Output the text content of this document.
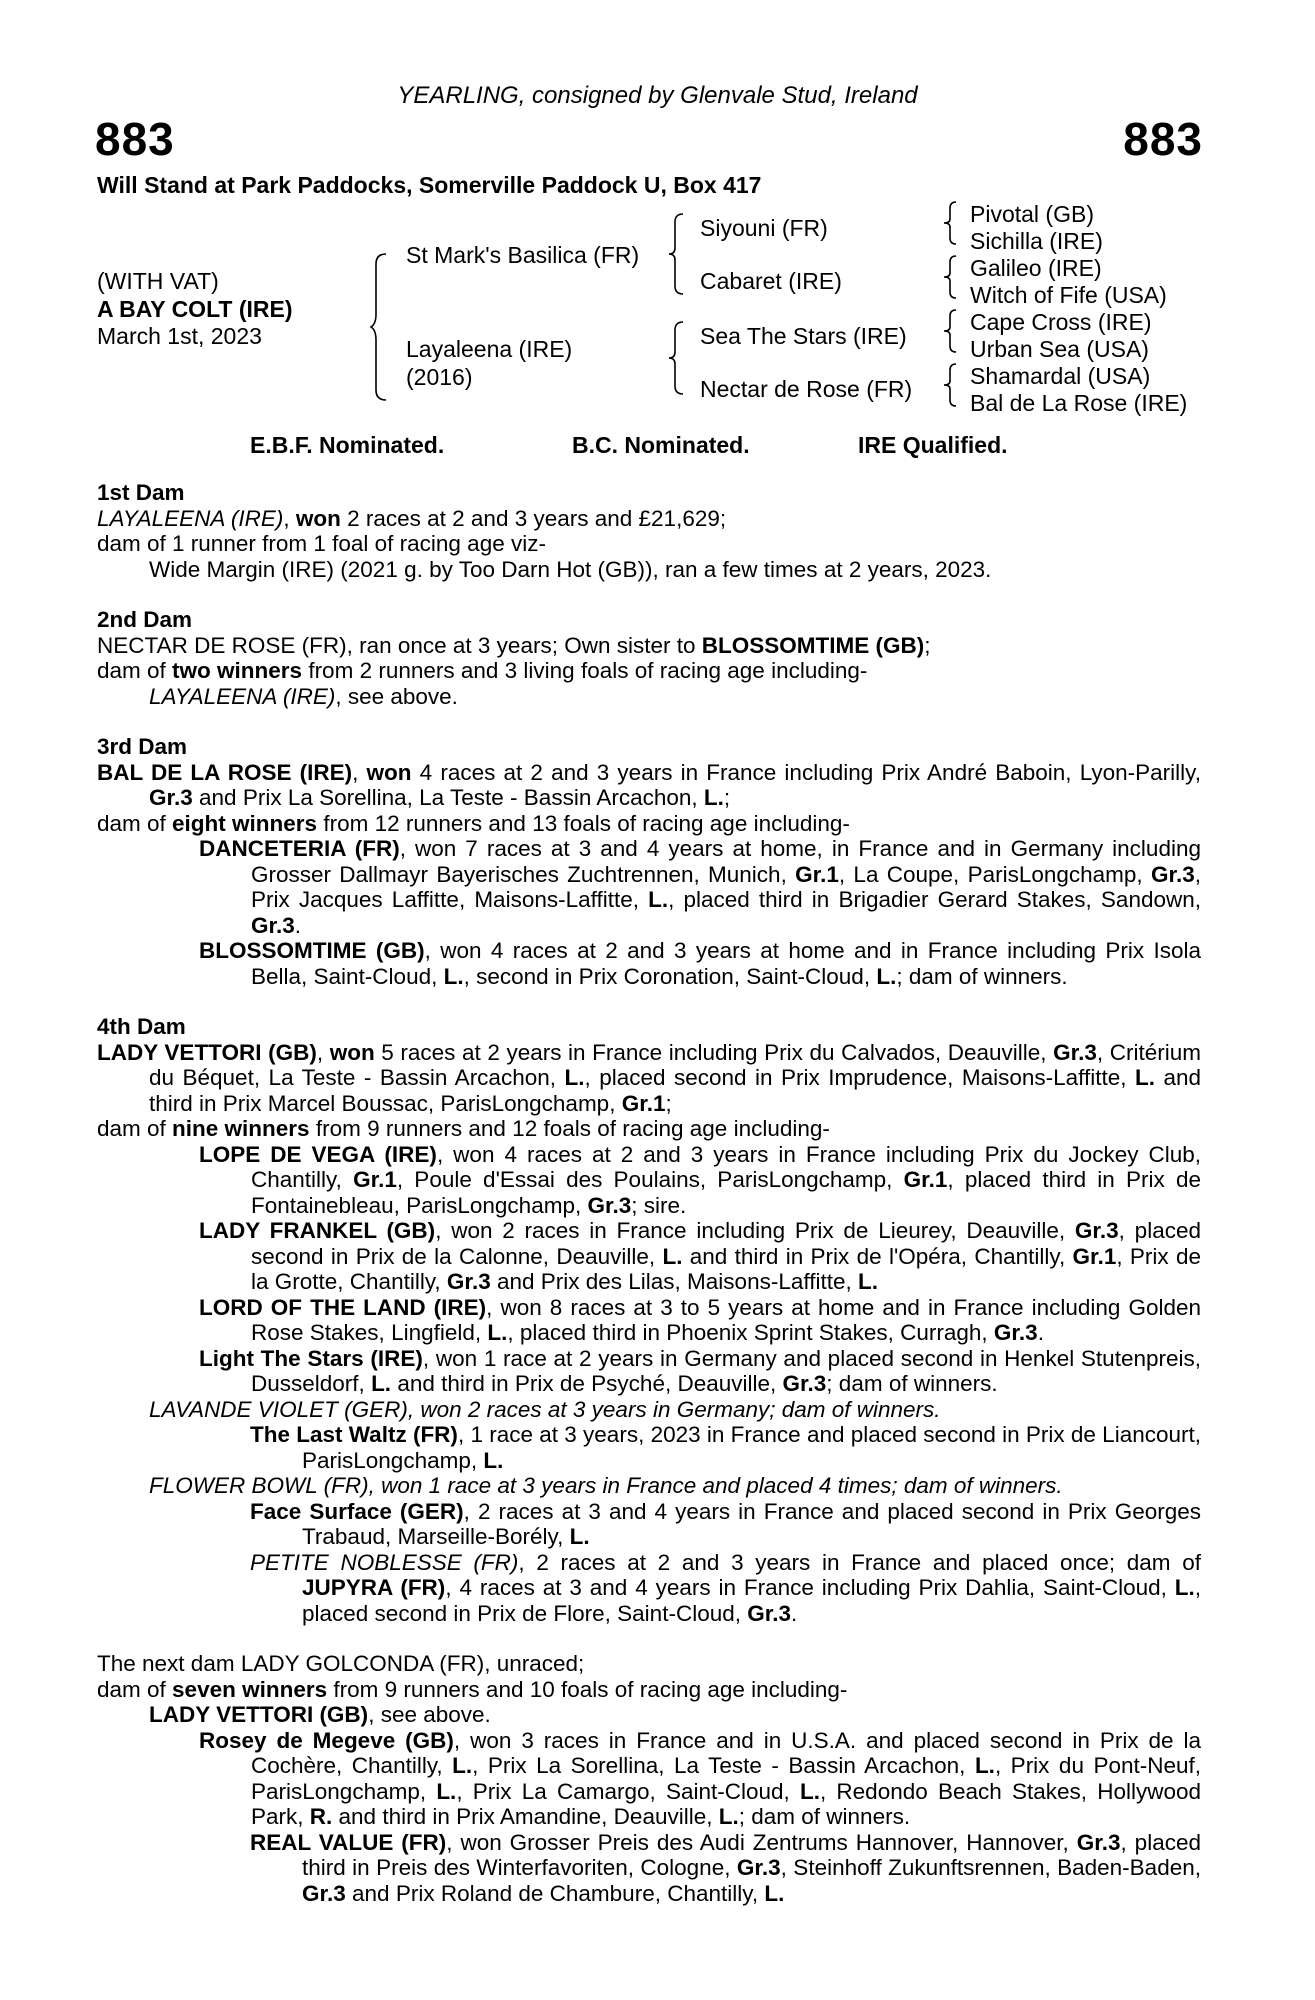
YEARLING, consigned by Glenvale Stud, Ireland
883	883
Will Stand at Park Paddocks, Somerville Paddock U, Box 417
(WITH VAT)
A BAY COLT (IRE)
March 1st, 2023
St Mark's Basilica (FR)
Layaleena (IRE)
(2016)
Siyouni (FR)
Cabaret (IRE)
Sea The Stars (IRE)
Nectar de Rose (FR)
Pivotal (GB)
Sichilla (IRE)
Galileo (IRE)
Witch of Fife (USA)
Cape Cross (IRE)
Urban Sea (USA)
Shamardal (USA)
Bal de La Rose (IRE)
E.B.F. Nominated.	B.C. Nominated.	IRE Qualified.
1st Dam
LAYALEENA (IRE), won 2 races at 2 and 3 years and £21,629;
dam of 1 runner from 1 foal of racing age viz-
Wide Margin (IRE) (2021 g. by Too Darn Hot (GB)), ran a few times at 2 years, 2023.
2nd Dam
NECTAR DE ROSE (FR), ran once at 3 years; Own sister to BLOSSOMTIME (GB);
dam of two winners from 2 runners and 3 living foals of racing age including-
LAYALEENA (IRE), see above.
3rd Dam
BAL DE LA ROSE (IRE), won 4 races at 2 and 3 years in France including Prix André Baboin, Lyon-Parilly, Gr.3 and Prix La Sorellina, La Teste - Bassin Arcachon, L.;
dam of eight winners from 12 runners and 13 foals of racing age including-
DANCETERIA (FR), won 7 races at 3 and 4 years at home, in France and in Germany including Grosser Dallmayr Bayerisches Zuchtrennen, Munich, Gr.1, La Coupe, ParisLongchamp, Gr.3, Prix Jacques Laffitte, Maisons-Laffitte, L., placed third in Brigadier Gerard Stakes, Sandown, Gr.3.
BLOSSOMTIME (GB), won 4 races at 2 and 3 years at home and in France including Prix Isola Bella, Saint-Cloud, L., second in Prix Coronation, Saint-Cloud, L.; dam of winners.
4th Dam
LADY VETTORI (GB), won 5 races at 2 years in France including Prix du Calvados, Deauville, Gr.3, Critérium du Béquet, La Teste - Bassin Arcachon, L., placed second in Prix Imprudence, Maisons-Laffitte, L. and third in Prix Marcel Boussac, ParisLongchamp, Gr.1;
dam of nine winners from 9 runners and 12 foals of racing age including-
LOPE DE VEGA (IRE), won 4 races at 2 and 3 years in France including Prix du Jockey Club, Chantilly, Gr.1, Poule d'Essai des Poulains, ParisLongchamp, Gr.1, placed third in Prix de Fontainebleau, ParisLongchamp, Gr.3; sire.
LADY FRANKEL (GB), won 2 races in France including Prix de Lieurey, Deauville, Gr.3, placed second in Prix de la Calonne, Deauville, L. and third in Prix de l'Opéra, Chantilly, Gr.1, Prix de la Grotte, Chantilly, Gr.3 and Prix des Lilas, Maisons-Laffitte, L.
LORD OF THE LAND (IRE), won 8 races at 3 to 5 years at home and in France including Golden Rose Stakes, Lingfield, L., placed third in Phoenix Sprint Stakes, Curragh, Gr.3.
Light The Stars (IRE), won 1 race at 2 years in Germany and placed second in Henkel Stutenpreis, Dusseldorf, L. and third in Prix de Psyché, Deauville, Gr.3; dam of winners.
LAVANDE VIOLET (GER), won 2 races at 3 years in Germany; dam of winners.
The Last Waltz (FR), 1 race at 3 years, 2023 in France and placed second in Prix de Liancourt, ParisLongchamp, L.
FLOWER BOWL (FR), won 1 race at 3 years in France and placed 4 times; dam of winners.
Face Surface (GER), 2 races at 3 and 4 years in France and placed second in Prix Georges Trabaud, Marseille-Borély, L.
PETITE NOBLESSE (FR), 2 races at 2 and 3 years in France and placed once; dam of JUPYRA (FR), 4 races at 3 and 4 years in France including Prix Dahlia, Saint-Cloud, L., placed second in Prix de Flore, Saint-Cloud, Gr.3.
The next dam LADY GOLCONDA (FR), unraced;
dam of seven winners from 9 runners and 10 foals of racing age including-
LADY VETTORI (GB), see above.
Rosey de Megeve (GB), won 3 races in France and in U.S.A. and placed second in Prix de la Cochère, Chantilly, L., Prix La Sorellina, La Teste - Bassin Arcachon, L., Prix du Pont-Neuf, ParisLongchamp, L., Prix La Camargo, Saint-Cloud, L., Redondo Beach Stakes, Hollywood Park, R. and third in Prix Amandine, Deauville, L.; dam of winners.
REAL VALUE (FR), won Grosser Preis des Audi Zentrums Hannover, Hannover, Gr.3, placed third in Preis des Winterfavoriten, Cologne, Gr.3, Steinhoff Zukunftsrennen, Baden-Baden, Gr.3 and Prix Roland de Chambure, Chantilly, L.
